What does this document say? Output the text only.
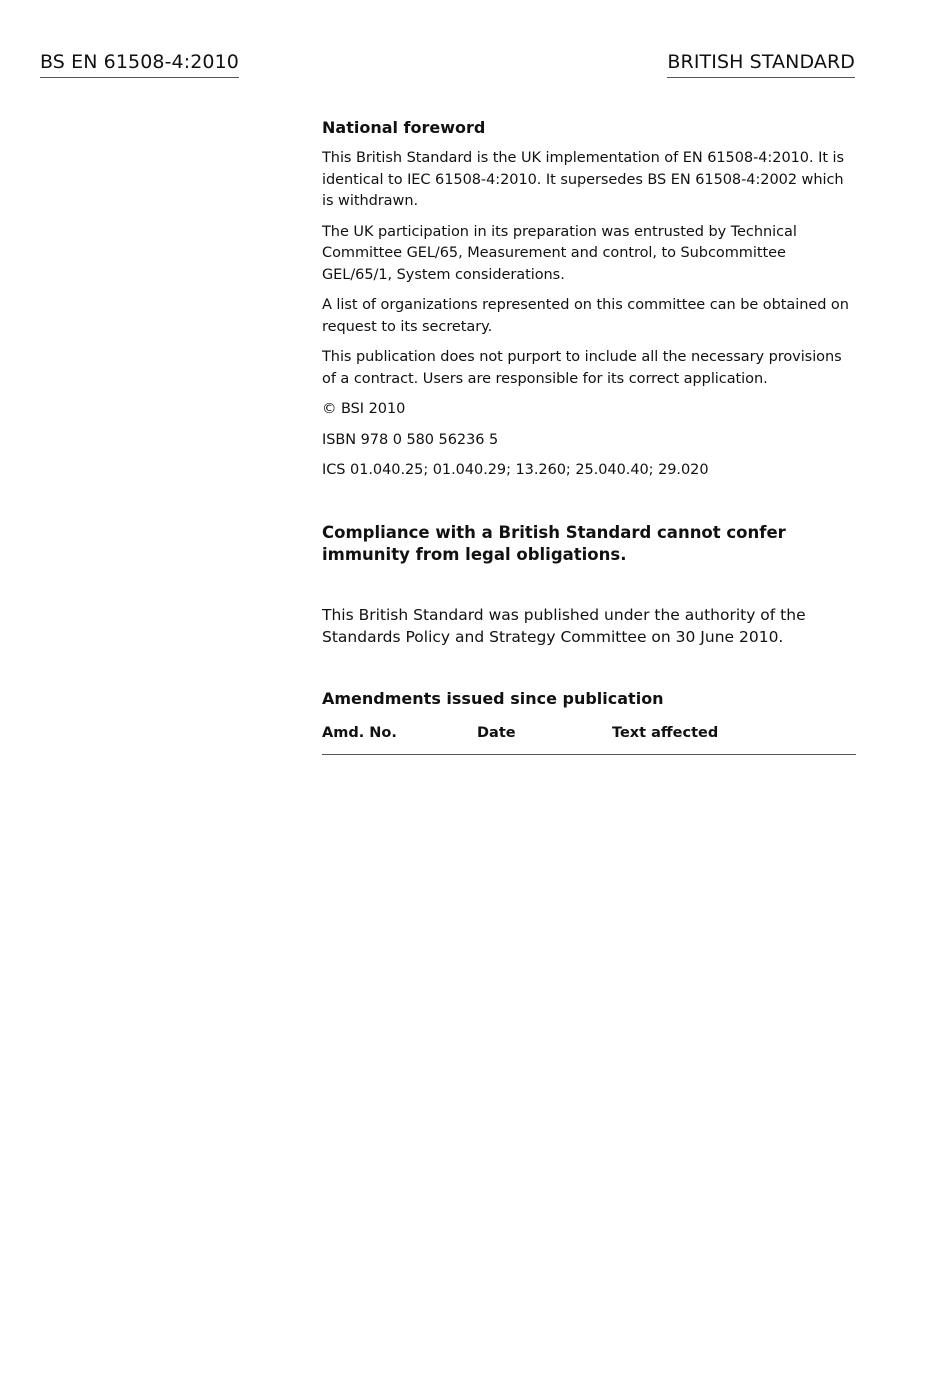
BS EN 61508-4:2010	BRITISH STANDARD
National foreword

This British Standard is the UK implementation of EN 61508-4:2010. It is identical to IEC 61508-4:2010. It supersedes BS EN 61508-4:2002 which is withdrawn.

The UK participation in its preparation was entrusted by Technical Committee GEL/65, Measurement and control, to Subcommittee GEL/65/1, System considerations.

A list of organizations represented on this committee can be obtained on request to its secretary.

This publication does not purport to include all the necessary provisions of a contract. Users are responsible for its correct application.

© BSI 2010

ISBN 978 0 580 56236 5

ICS 01.040.25; 01.040.29; 13.260; 25.040.40; 29.020

Compliance with a British Standard cannot confer immunity from legal obligations.

This British Standard was published under the authority of the Standards Policy and Strategy Committee on 30 June 2010.

Amendments issued since publication
Amd. No.	Date	Text affected
